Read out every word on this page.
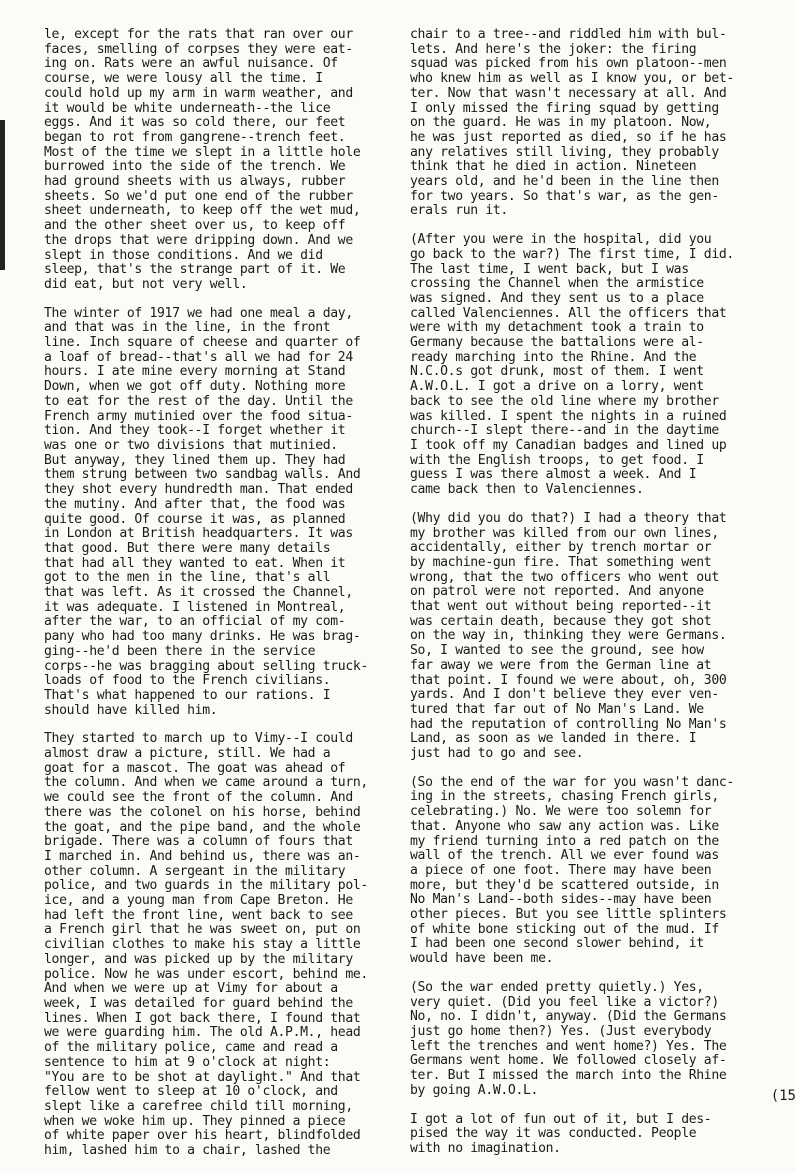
le, except for the rats that ran over our
faces, smelling of corpses they were eat-
ing on. Rats were an awful nuisance. Of
course, we were lousy all the time. I
could hold up my arm in warm weather, and
it would be white underneath--the lice
eggs. And it was so cold there, our feet
began to rot from gangrene--trench feet.
Most of the time we slept in a little hole
burrowed into the side of the trench. We
had ground sheets with us always, rubber
sheets. So we'd put one end of the rubber
sheet underneath, to keep off the wet mud,
and the other sheet over us, to keep off
the drops that were dripping down. And we
slept in those conditions. And we did
sleep, that's the strange part of it. We
did eat, but not very well.

The winter of 1917 we had one meal a day,
and that was in the line, in the front
line. Inch square of cheese and quarter of
a loaf of bread--that's all we had for 24
hours. I ate mine every morning at Stand
Down, when we got off duty. Nothing more
to eat for the rest of the day. Until the
French army mutinied over the food situa-
tion. And they took--I forget whether it
was one or two divisions that mutinied.
But anyway, they lined them up. They had
them strung between two sandbag walls. And
they shot every hundredth man. That ended
the mutiny. And after that, the food was
quite good. Of course it was, as planned
in London at British headquarters. It was
that good. But there were many details
that had all they wanted to eat. When it
got to the men in the line, that's all
that was left. As it crossed the Channel,
it was adequate. I listened in Montreal,
after the war, to an official of my com-
pany who had too many drinks. He was brag-
ging--he'd been there in the service
corps--he was bragging about selling truck-
loads of food to the French civilians.
That's what happened to our rations. I
should have killed him.

They started to march up to Vimy--I could
almost draw a picture, still. We had a
goat for a mascot. The goat was ahead of
the column. And when we came around a turn,
we could see the front of the column. And
there was the colonel on his horse, behind
the goat, and the pipe band, and the whole
brigade. There was a column of fours that
I marched in. And behind us, there was an-
other column. A sergeant in the military
police, and two guards in the military pol-
ice, and a young man from Cape Breton. He
had left the front line, went back to see
a French girl that he was sweet on, put on
civilian clothes to make his stay a little
longer, and was picked up by the military
police. Now he was under escort, behind me.
And when we were up at Vimy for about a
week, I was detailed for guard behind the
lines. When I got back there, I found that
we were guarding him. The old A.P.M., head
of the military police, came and read a
sentence to him at 9 o'clock at night:
"You are to be shot at daylight." And that
fellow went to sleep at 10 o'clock, and
slept like a carefree child till morning,
when we woke him up. They pinned a piece
of white paper over his heart, blindfolded
him, lashed him to a chair, lashed the

chair to a tree--and riddled him with bul-
lets. And here's the joker: the firing
squad was picked from his own platoon--men
who knew him as well as I know you, or bet-
ter. Now that wasn't necessary at all. And
I only missed the firing squad by getting
on the guard. He was in my platoon. Now,
he was just reported as died, so if he has
any relatives still living, they probably
think that he died in action. Nineteen
years old, and he'd been in the line then
for two years. So that's war, as the gen-
erals run it.

(After you were in the hospital, did you
go back to the war?) The first time, I did.
The last time, I went back, but I was
crossing the Channel when the armistice
was signed. And they sent us to a place
called Valenciennes. All the officers that
were with my detachment took a train to
Germany because the battalions were al-
ready marching into the Rhine. And the
N.C.O.s got drunk, most of them. I went
A.W.O.L. I got a drive on a lorry, went
back to see the old line where my brother
was killed. I spent the nights in a ruined
church--I slept there--and in the daytime
I took off my Canadian badges and lined up
with the English troops, to get food. I
guess I was there almost a week. And I
came back then to Valenciennes.

(Why did you do that?) I had a theory that
my brother was killed from our own lines,
accidentally, either by trench mortar or
by machine-gun fire. That something went
wrong, that the two officers who went out
on patrol were not reported. And anyone
that went out without being reported--it
was certain death, because they got shot
on the way in, thinking they were Germans.
So, I wanted to see the ground, see how
far away we were from the German line at
that point. I found we were about, oh, 300
yards. And I don't believe they ever ven-
tured that far out of No Man's Land. We
had the reputation of controlling No Man's
Land, as soon as we landed in there. I
just had to go and see.

(So the end of the war for you wasn't danc-
ing in the streets, chasing French girls,
celebrating.) No. We were too solemn for
that. Anyone who saw any action was. Like
my friend turning into a red patch on the
wall of the trench. All we ever found was
a piece of one foot. There may have been
more, but they'd be scattered outside, in
No Man's Land--both sides--may have been
other pieces. But you see little splinters
of white bone sticking out of the mud. If
I had been one second slower behind, it
would have been me.

(So the war ended pretty quietly.) Yes,
very quiet. (Did you feel like a victor?)
No, no. I didn't, anyway. (Did the Germans
just go home then?) Yes. (Just everybody
left the trenches and went home?) Yes. The
Germans went home. We followed closely af-
ter. But I missed the march into the Rhine
by going A.W.O.L.

I got a lot of fun out of it, but I des-
pised the way it was conducted. People
with no imagination.

(15
